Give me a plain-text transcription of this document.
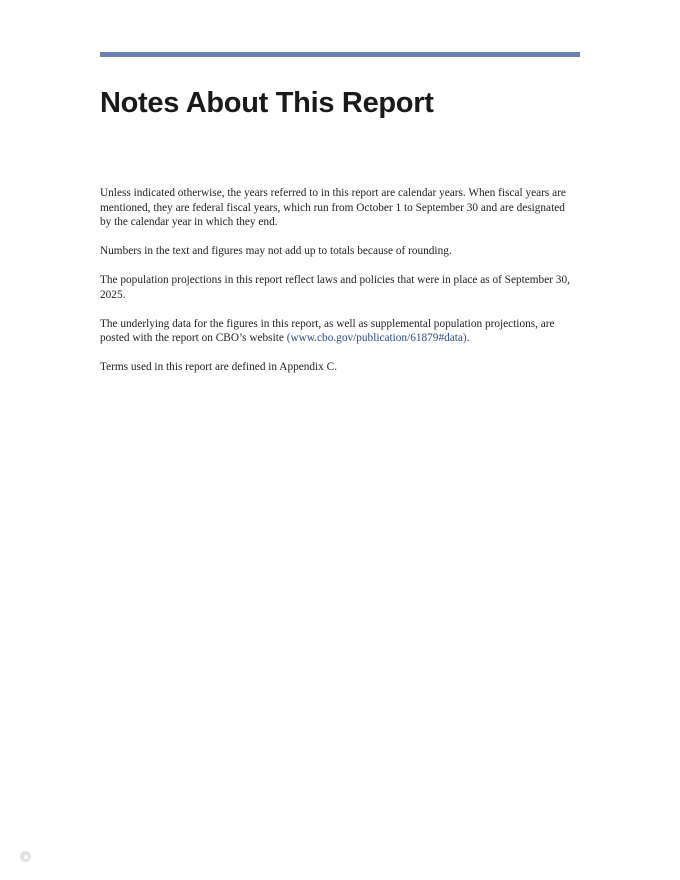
Notes About This Report

Unless indicated otherwise, the years referred to in this report are calendar years. When fiscal years are mentioned, they are federal fiscal years, which run from October 1 to September 30 and are designated by the calendar year in which they end.

Numbers in the text and figures may not add up to totals because of rounding.

The population projections in this report reflect laws and policies that were in place as of September 30, 2025.

The underlying data for the figures in this report, as well as supplemental population projections, are posted with the report on CBO’s website (www.cbo.gov/publication/61879#data).

Terms used in this report are defined in Appendix C.
